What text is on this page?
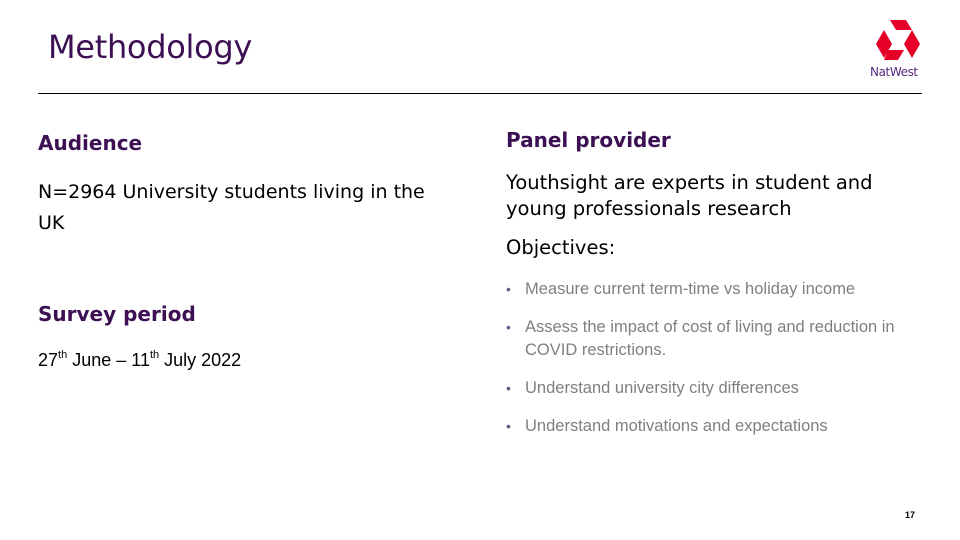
Methodology
NatWest
Audience
N=2964 University students living in the UK
Survey period
27th June – 11th July 2022
Panel provider
Youthsight are experts in student and young professionals research
Objectives:
• Measure current term-time vs holiday income
• Assess the impact of cost of living and reduction in COVID restrictions.
• Understand university city differences
• Understand motivations and expectations
17
